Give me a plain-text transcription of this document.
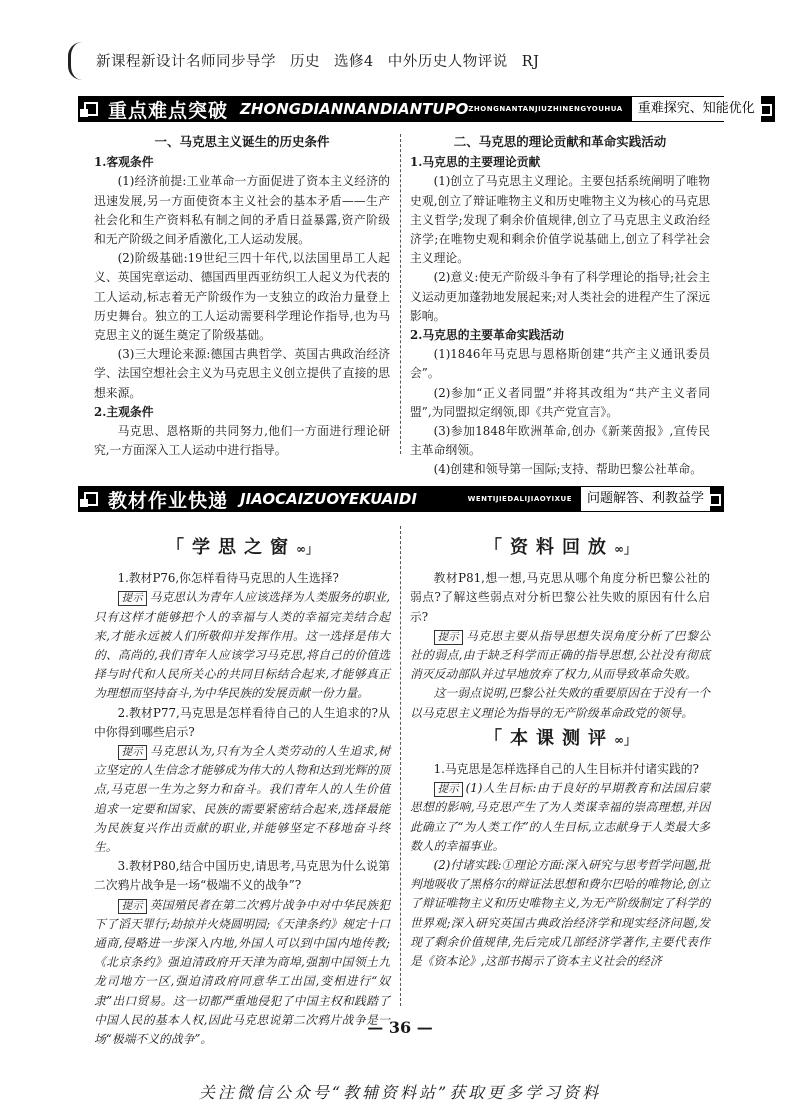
新课程新设计名师同步导学 历史 选修4 中外历史人物评说 RJ
重点难点突破 ZHONGDIANNANDIANTUPO ZHONGNANTANJIUZHINENGYOUHUA	重难探究、知能优化

一、马克思主义诞生的历史条件

1.客观条件

(1)经济前提:工业革命一方面促进了资本主义经济的迅速发展,另一方面使资本主义社会的基本矛盾——生产社会化和生产资料私有制之间的矛盾日益暴露,资产阶级和无产阶级之间矛盾激化,工人运动发展。

(2)阶级基础:19世纪三四十年代,以法国里昂工人起义、英国宪章运动、德国西里西亚纺织工人起义为代表的工人运动,标志着无产阶级作为一支独立的政治力量登上历史舞台。独立的工人运动需要科学理论作指导,也为马克思主义的诞生奠定了阶级基础。

(3)三大理论来源:德国古典哲学、英国古典政治经济学、法国空想社会主义为马克思主义创立提供了直接的思想来源。

2.主观条件

马克思、恩格斯的共同努力,他们一方面进行理论研究,一方面深入工人运动中进行指导。

二、马克思的理论贡献和革命实践活动

1.马克思的主要理论贡献

(1)创立了马克思主义理论。主要包括系统阐明了唯物史观,创立了辩证唯物主义和历史唯物主义为核心的马克思主义哲学;发现了剩余价值规律,创立了马克思主义政治经济学;在唯物史观和剩余价值学说基础上,创立了科学社会主义理论。

(2)意义:使无产阶级斗争有了科学理论的指导;社会主义运动更加蓬勃地发展起来;对人类社会的进程产生了深远影响。

2.马克思的主要革命实践活动

(1)1846年马克思与恩格斯创建“共产主义通讯委员会”。

(2)参加“正义者同盟”并将其改组为“共产主义者同盟”,为同盟拟定纲领,即《共产党宣言》。

(3)参加1848年欧洲革命,创办《新莱茵报》,宣传民主革命纲领。

(4)创建和领导第一国际;支持、帮助巴黎公社革命。

教材作业快递 JIAOCAIZUOYEKUAIDI	WENTIJIEDALIJIAOYIXUE	问题解答、利教益学
「学思之窗∞」

1.教材P76,你怎样看待马克思的人生选择?

提示 马克思认为青年人应该选择为人类服务的职业,只有这样才能够把个人的幸福与人类的幸福完美结合起来,才能永远被人们所敬仰并发挥作用。这一选择是伟大的、高尚的,我们青年人应该学习马克思,将自己的价值选择与时代和人民所关心的共同目标结合起来,才能够真正为理想而坚持奋斗,为中华民族的发展贡献一份力量。

2.教材P77,马克思是怎样看待自己的人生追求的?从中你得到哪些启示?

提示 马克思认为,只有为全人类劳动的人生追求,树立坚定的人生信念才能够成为伟大的人物和达到光辉的顶点,马克思一生为之努力和奋斗。我们青年人的人生价值追求一定要和国家、民族的需要紧密结合起来,选择最能为民族复兴作出贡献的职业,并能够坚定不移地奋斗终生。

3.教材P80,结合中国历史,请思考,马克思为什么说第二次鸦片战争是一场“极端不义的战争”?

提示 英国殖民者在第二次鸦片战争中对中华民族犯下了滔天罪行;劫掠并火烧圆明园;《天津条约》规定十口通商,侵略进一步深入内地,外国人可以到中国内地传教;《北京条约》强迫清政府开天津为商埠,强割中国领土九龙司地方一区,强迫清政府同意华工出国,变相进行“奴隶”出口贸易。这一切都严重地侵犯了中国主权和践踏了中国人民的基本人权,因此马克思说第二次鸦片战争是一场“极端不义的战争”。

「资料回放∞」

教材P81,想一想,马克思从哪个角度分析巴黎公社的弱点?了解这些弱点对分析巴黎公社失败的原因有什么启示?

提示 马克思主要从指导思想失误角度分析了巴黎公社的弱点,由于缺乏科学而正确的指导思想,公社没有彻底消灭反动部队并过早地放弃了权力,从而导致革命失败。

这一弱点说明,巴黎公社失败的重要原因在于没有一个以马克思主义理论为指导的无产阶级革命政党的领导。

「本课测评∞」

1.马克思是怎样选择自己的人生目标并付诸实践的?

提示 (1)人生目标:由于良好的早期教育和法国启蒙思想的影响,马克思产生了为人类谋幸福的崇高理想,并因此确立了“为人类工作”的人生目标,立志献身于人类最大多数人的幸福事业。

(2)付诸实践:①理论方面:深入研究与思考哲学问题,批判地吸收了黑格尔的辩证法思想和费尔巴哈的唯物论,创立了辩证唯物主义和历史唯物主义,为无产阶级制定了科学的世界观;深入研究英国古典政治经济学和现实经济问题,发现了剩余价值规律,先后完成几部经济学著作,主要代表作是《资本论》,这部书揭示了资本主义社会的经济

— 36 —
关注微信公众号“教辅资料站”获取更多学习资料
